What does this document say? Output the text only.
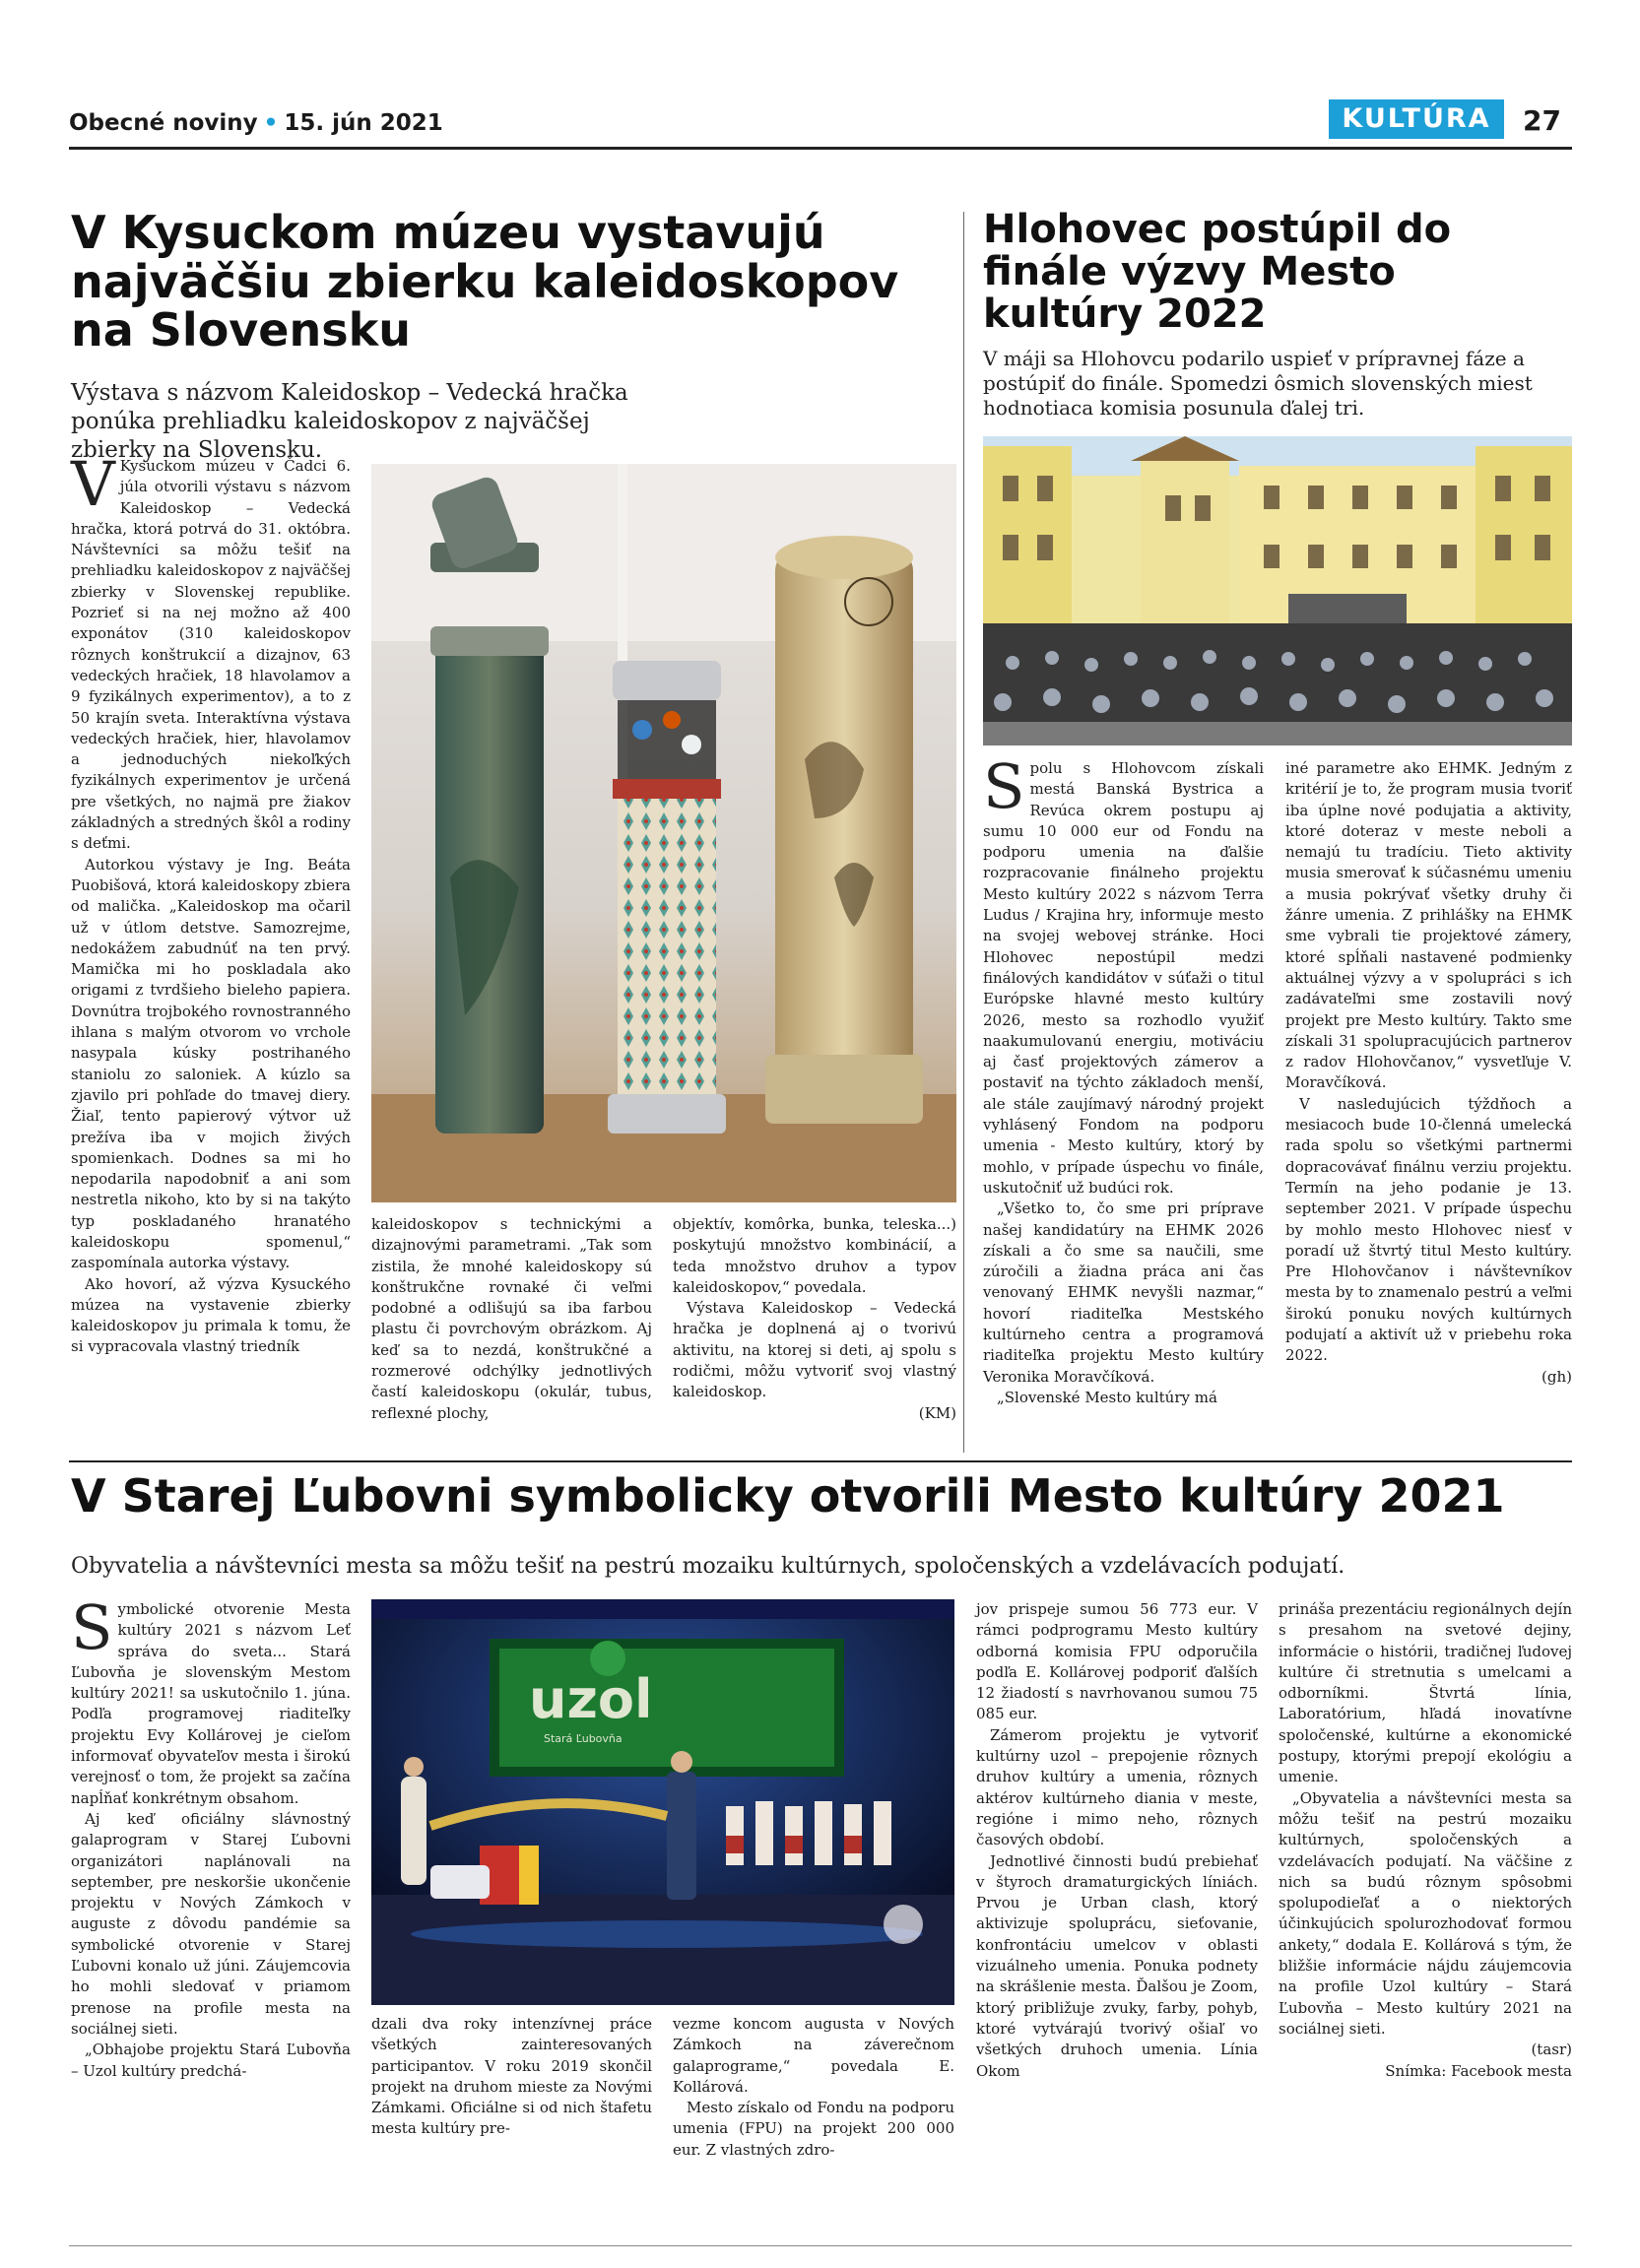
Obecné noviny • 15. jún 2021	KULTÚRA	27
V Kysuckom múzeu vystavujú najväčšiu zbierku kaleidoskopov na Slovensku
Výstava s názvom Kaleidoskop – Vedecká hračka ponúka prehliadku kaleidoskopov z najväčšej zbierky na Slovensku.

V Kysuckom múzeu v Čadci 6. júla otvorili výstavu s názvom Kaleidoskop – Vedecká hračka, ktorá potrvá do 31. októbra. Návštevníci sa môžu tešiť na prehliadku kaleidoskopov z najväčšej zbierky v Slovenskej republike. Pozrieť si na nej možno až 400 exponátov (310 kaleidoskopov rôznych konštrukcií a dizajnov, 63 vedeckých hračiek, 18 hlavolamov a 9 fyzikálnych experimentov), a to z 50 krajín sveta. Interaktívna výstava vedeckých hračiek, hier, hlavolamov a jednoduchých niekoľkých fyzikálnych experimentov je určená pre všetkých, no najmä pre žiakov základných a stredných škôl a rodiny s deťmi.

Autorkou výstavy je Ing. Beáta Puobišová, ktorá kaleidoskopy zbiera od malička. „Kaleidoskop ma očaril už v útlom detstve. Samozrejme, nedokážem zabudnúť na ten prvý. Mamička mi ho poskladala ako origami z tvrdšieho bieleho papiera. Dovnútra trojbokého rovnostranného ihlana s malým otvorom vo vrchole nasypala kúsky postrihaného staniolu zo saloniek. A kúzlo sa zjavilo pri pohľade do tmavej diery. Žiaľ, tento papierový výtvor už prežíva iba v mojich živých spomienkach. Dodnes sa mi ho nepodarila napodobniť a ani som nestretla nikoho, kto by si na takýto typ poskladaného hranatého kaleidoskopu spomenul,“ zaspomínala autorka výstavy.

Ako hovorí, až výzva Kysuckého múzea na vystavenie zbierky kaleidoskopov ju primala k tomu, že si vypracovala vlastný triedník

kaleidoskopov s technickými a dizajnovými parametrami. „Tak som zistila, že mnohé kaleidoskopy sú konštrukčne rovnaké či veľmi podobné a odlišujú sa iba farbou plastu či povrchovým obrázkom. Aj keď sa to nezdá, konštrukčné a rozmerové odchýlky jednotlivých častí kaleidoskopu (okulár, tubus, reflexné plochy,

objektív, komôrka, bunka, teleska...) poskytujú množstvo kombinácií, a teda množstvo druhov a typov kaleidoskopov,“ povedala.

Výstava Kaleidoskop – Vedecká hračka je doplnená aj o tvorivú aktivitu, na ktorej si deti, aj spolu s rodičmi, môžu vytvoriť svoj vlastný kaleidoskop.

(KM)

Hlohovec postúpil do finále výzvy Mesto kultúry 2022
V máji sa Hlohovcu podarilo uspieť v prípravnej fáze a postúpiť do finále. Spomedzi ôsmich slovenských miest hodnotiaca komisia posunula ďalej tri.

Spolu s Hlohovcom získali mestá Banská Bystrica a Revúca okrem postupu aj sumu 10 000 eur od Fondu na podporu umenia na ďalšie rozpracovanie finálneho projektu Mesto kultúry 2022 s názvom Terra Ludus / Krajina hry, informuje mesto na svojej webovej stránke. Hoci Hlohovec nepostúpil medzi finálových kandidátov v súťaži o titul Európske hlavné mesto kultúry 2026, mesto sa rozhodlo využiť naakumulovanú energiu, motiváciu aj časť projektových zámerov a postaviť na týchto základoch menší, ale stále zaujímavý národný projekt vyhlásený Fondom na podporu umenia - Mesto kultúry, ktorý by mohlo, v prípade úspechu vo finále, uskutočniť už budúci rok.

„Všetko to, čo sme pri príprave našej kandidatúry na EHMK 2026 získali a čo sme sa naučili, sme zúročili a žiadna práca ani čas venovaný EHMK nevyšli nazmar,“ hovorí riaditeľka Mestského kultúrneho centra a programová riaditeľka projektu Mesto kultúry Veronika Moravčíková.

„Slovenské Mesto kultúry má

iné parametre ako EHMK. Jedným z kritérií je to, že program musia tvoriť iba úplne nové podujatia a aktivity, ktoré doteraz v meste neboli a nemajú tu tradíciu. Tieto aktivity musia smerovať k súčasnému umeniu a musia pokrývať všetky druhy či žánre umenia. Z prihlášky na EHMK sme vybrali tie projektové zámery, ktoré spĺňali nastavené podmienky aktuálnej výzvy a v spolupráci s ich zadávateľmi sme zostavili nový projekt pre Mesto kultúry. Takto sme získali 31 spolupracujúcich partnerov z radov Hlohovčanov,“ vysvetľuje V. Moravčíková.

V nasledujúcich týždňoch a mesiacoch bude 10-členná umelecká rada spolu so všetkými partnermi dopracovávať finálnu verziu projektu. Termín na jeho podanie je 13. september 2021. V prípade úspechu by mohlo mesto Hlohovec niesť v poradí už štvrtý titul Mesto kultúry. Pre Hlohovčanov i návštevníkov mesta by to znamenalo pestrú a veľmi širokú ponuku nových kultúrnych podujatí a aktivít už v priebehu roka 2022.

(gh)

V Starej Ľubovni symbolicky otvorili Mesto kultúry 2021
Obyvatelia a návštevníci mesta sa môžu tešiť na pestrú mozaiku kultúrnych, spoločenských a vzdelávacích podujatí.

Symbolické otvorenie Mesta kultúry 2021 s názvom Leť správa do sveta... Stará Ľubovňa je slovenským Mestom kultúry 2021! sa uskutočnilo 1. júna. Podľa programovej riaditeľky projektu Evy Kollárovej je cieľom informovať obyvateľov mesta i širokú verejnosť o tom, že projekt sa začína napĺňať konkrétnym obsahom.

Aj keď oficiálny slávnostný galaprogram v Starej Ľubovni organizátori naplánovali na september, pre neskoršie ukončenie projektu v Nových Zámkoch v auguste z dôvodu pandémie sa symbolické otvorenie v Starej Ľubovni konalo už júni. Záujemcovia ho mohli sledovať v priamom prenose na profile mesta na sociálnej sieti.

„Obhajobe projektu Stará Ľubovňa – Uzol kultúry predchá-

uzol
Stará Ľubovňa

dzali dva roky intenzívnej práce všetkých zainteresovaných participantov. V roku 2019 skončil projekt na druhom mieste za Novými Zámkami. Oficiálne si od nich štafetu mesta kultúry pre-

vezme koncom augusta v Nových Zámkoch na záverečnom galaprograme,“ povedala E. Kollárová.

Mesto získalo od Fondu na podporu umenia (FPU) na projekt 200 000 eur. Z vlastných zdro-

jov prispeje sumou 56 773 eur. V rámci podprogramu Mesto kultúry odborná komisia FPU odporučila podľa E. Kollárovej podporiť ďalších 12 žiadostí s navrhovanou sumou 75 085 eur.

Zámerom projektu je vytvoriť kultúrny uzol – prepojenie rôznych druhov kultúry a umenia, rôznych aktérov kultúrneho diania v meste, regióne i mimo neho, rôznych časových období.

Jednotlivé činnosti budú prebiehať v štyroch dramaturgických líniách. Prvou je Urban clash, ktorý aktivizuje spoluprácu, sieťovanie, konfrontáciu umelcov v oblasti vizuálneho umenia. Ponuka podnety na skrášlenie mesta. Ďalšou je Zoom, ktorý približuje zvuky, farby, pohyb, ktoré vytvárajú tvorivý ošiaľ vo všetkých druhoch umenia. Línia Okom

prináša prezentáciu regionálnych dejín s presahom na svetové dejiny, informácie o histórii, tradičnej ľudovej kultúre či stretnutia s umelcami a odborníkmi. Štvrtá línia, Laboratórium, hľadá inovatívne spoločenské, kultúrne a ekonomické postupy, ktorými prepojí ekológiu a umenie.

„Obyvatelia a návštevníci mesta sa môžu tešiť na pestrú mozaiku kultúrnych, spoločenských a vzdelávacích podujatí. Na väčšine z nich sa budú rôznym spôsobmi spolupodieľať a o niektorých účinkujúcich spolurozhodovať formou ankety,“ dodala E. Kollárová s tým, že bližšie informácie nájdu záujemcovia na profile Uzol kultúry – Stará Ľubovňa – Mesto kultúry 2021 na sociálnej sieti.

(tasr)

Snímka: Facebook mesta
